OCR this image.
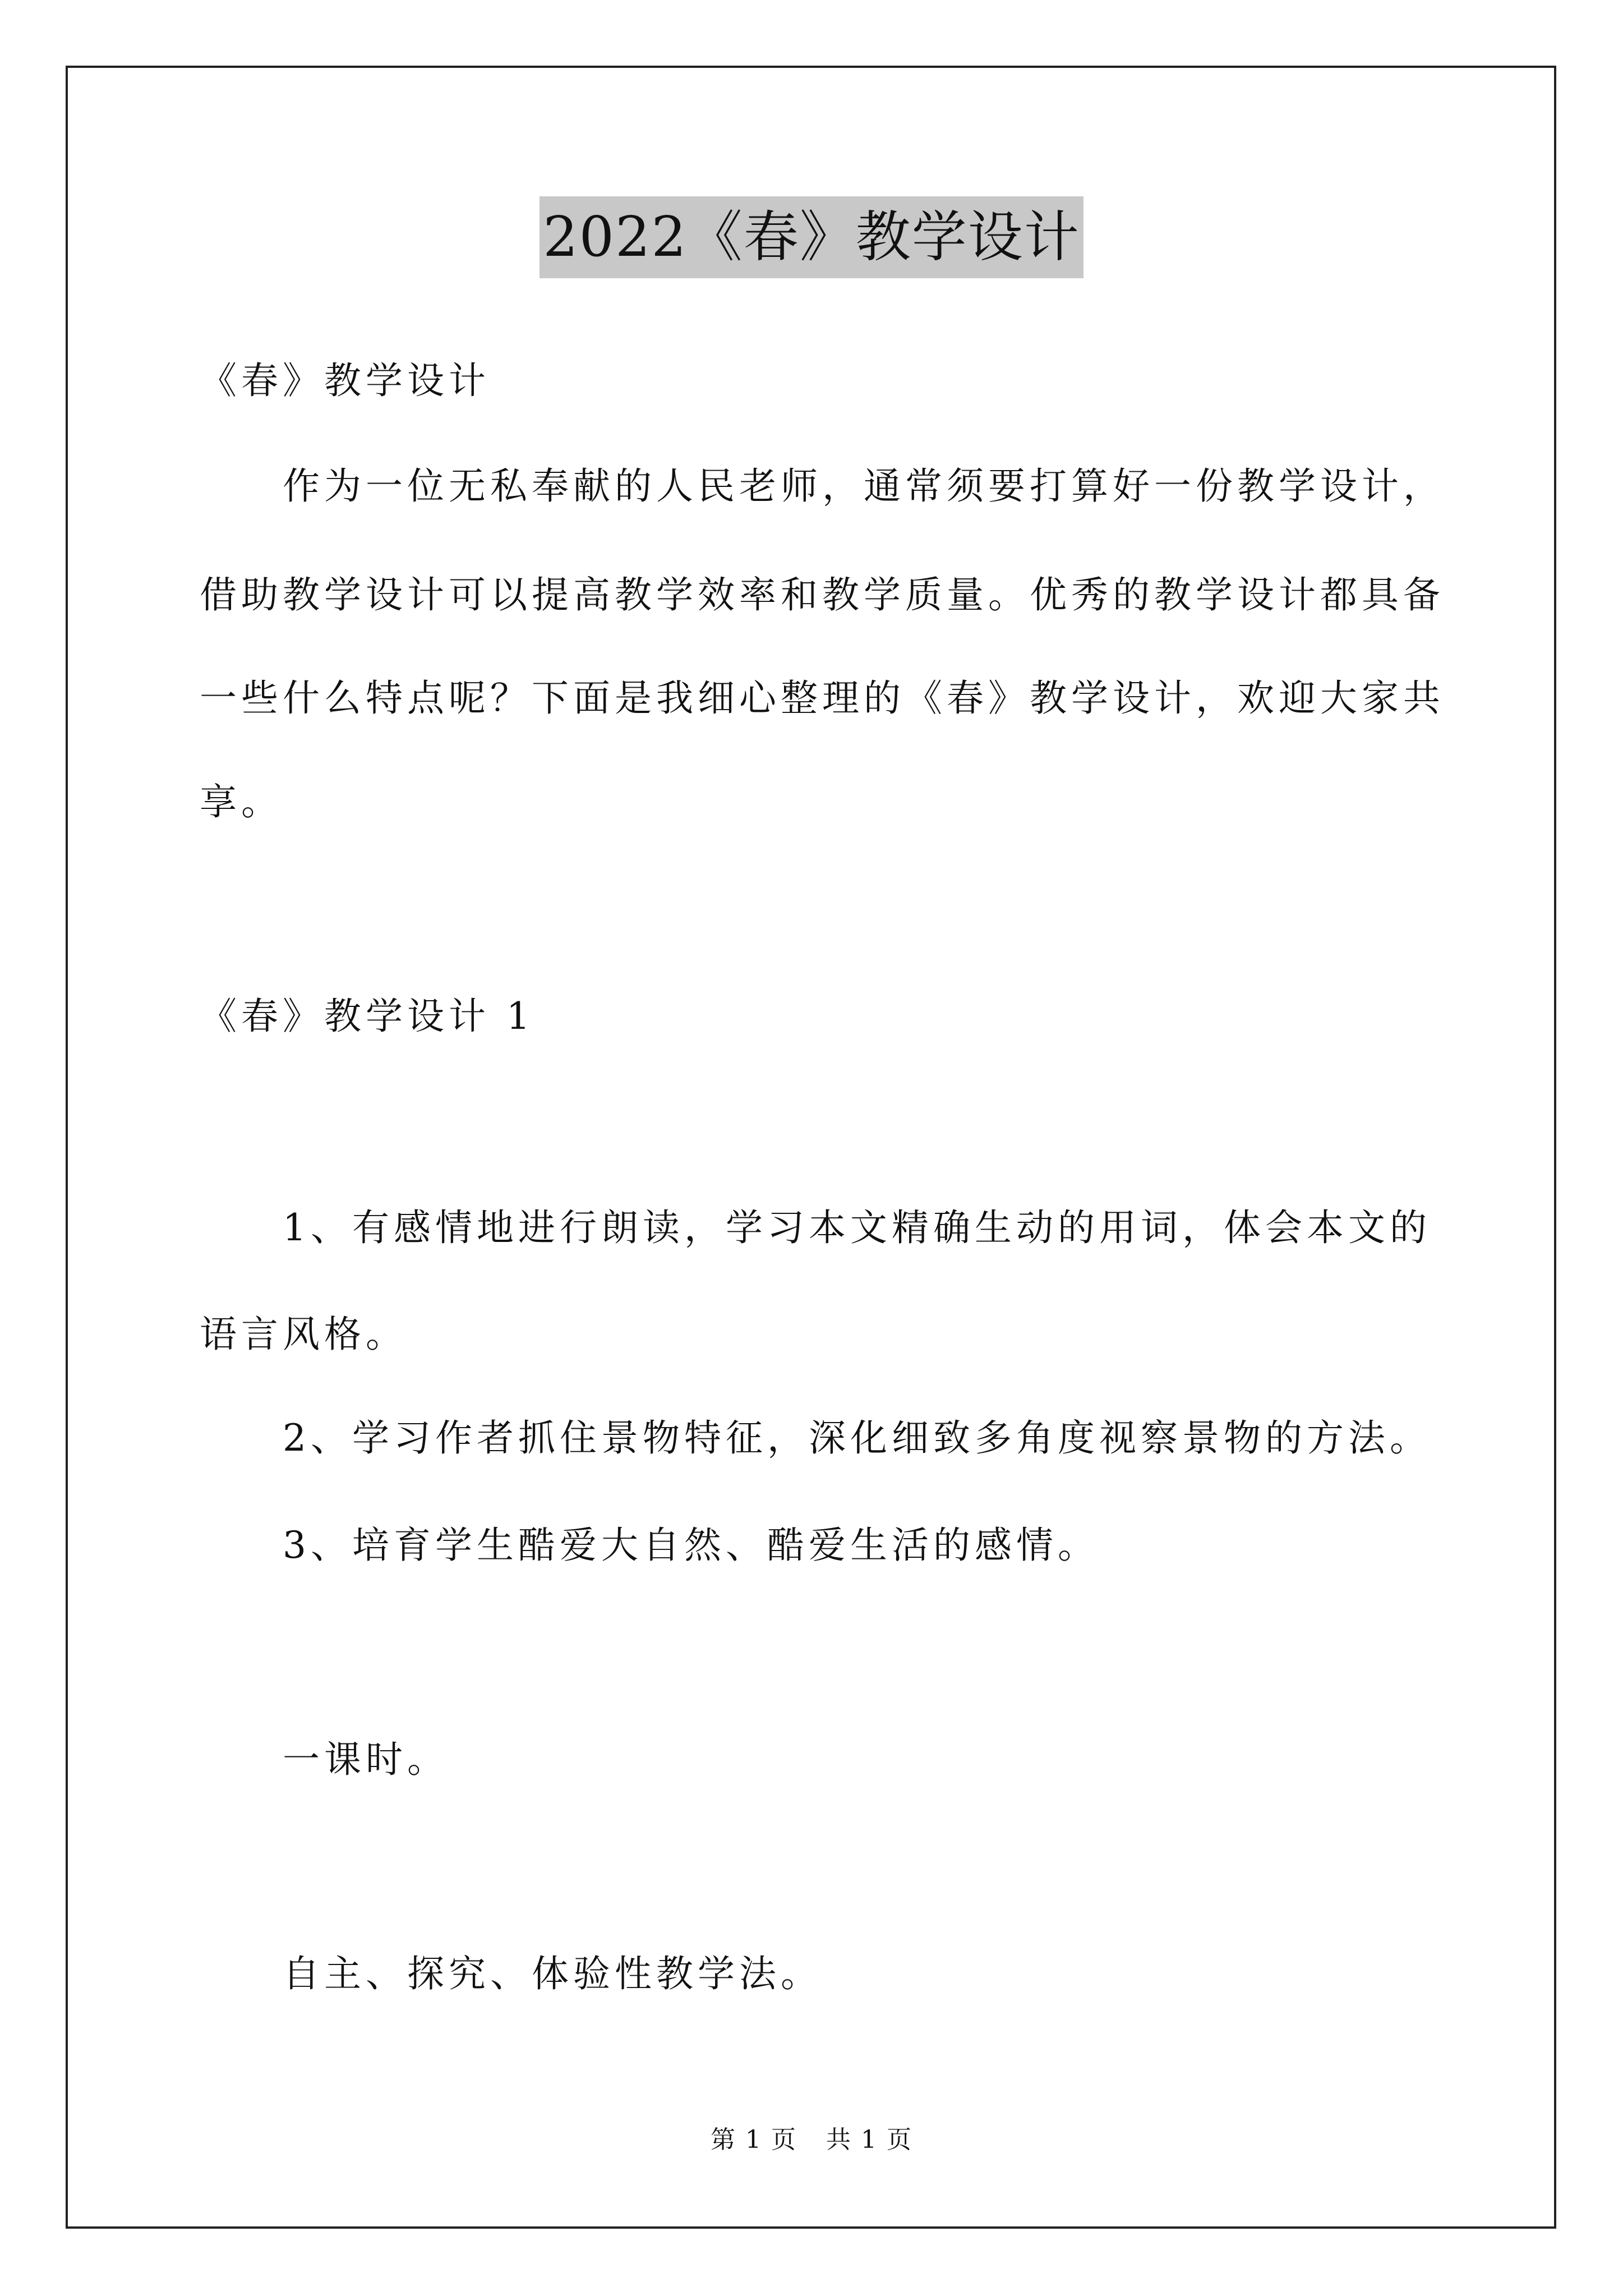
2022《春》教学设计
《春》教学设计
作为一位无私奉献的人民老师，通常须要打算好一份教学设计，
借助教学设计可以提高教学效率和教学质量。优秀的教学设计都具备
一些什么特点呢？下面是我细心整理的《春》教学设计，欢迎大家共
享。
《春》教学设计 1
1、有感情地进行朗读，学习本文精确生动的用词，体会本文的
语言风格。
2、学习作者抓住景物特征，深化细致多角度视察景物的方法。
3、培育学生酷爱大自然、酷爱生活的感情。
一课时。
自主、探究、体验性教学法。
第 1 页 共 1 页
